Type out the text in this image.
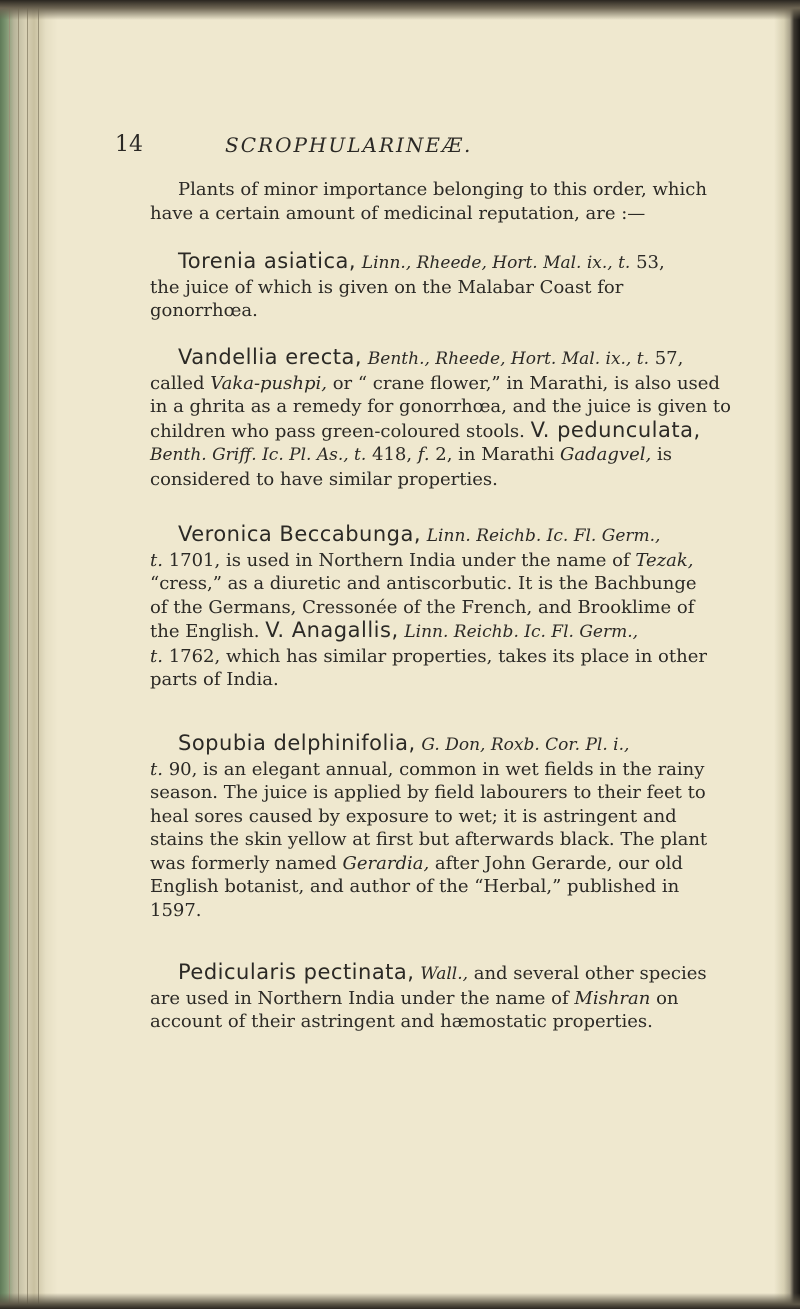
14	SCROPHULARINEÆ.
Plants of minor importance belonging to this order, which
have a certain amount of medicinal reputation, are :—
Torenia asiatica, Linn., Rheede, Hort. Mal. ix., t. 53,
the juice of which is given on the Malabar Coast for
gonorrhœa.
Vandellia erecta, Benth., Rheede, Hort. Mal. ix., t. 57,
called Vaka-pushpi, or “ crane flower,” in Marathi, is also used
in a ghrita as a remedy for gonorrhœa, and the juice is given to
children who pass green-coloured stools. V. pedunculata,
Benth. Griff. Ic. Pl. As., t. 418, f. 2, in Marathi Gadagvel, is
considered to have similar properties.
Veronica Beccabunga, Linn. Reichb. Ic. Fl. Germ.,
t. 1701, is used in Northern India under the name of Tezak,
“cress,” as a diuretic and antiscorbutic. It is the Bachbunge
of the Germans, Cressonée of the French, and Brooklime of
the English. V. Anagallis, Linn. Reichb. Ic. Fl. Germ.,
t. 1762, which has similar properties, takes its place in other
parts of India.
Sopubia delphinifolia, G. Don, Roxb. Cor. Pl. i.,
t. 90, is an elegant annual, common in wet fields in the rainy
season. The juice is applied by field labourers to their feet to
heal sores caused by exposure to wet; it is astringent and
stains the skin yellow at first but afterwards black. The plant
was formerly named Gerardia, after John Gerarde, our old
English botanist, and author of the “Herbal,” published in
1597.
Pedicularis pectinata, Wall., and several other species
are used in Northern India under the name of Mishran on
account of their astringent and hæmostatic properties.
